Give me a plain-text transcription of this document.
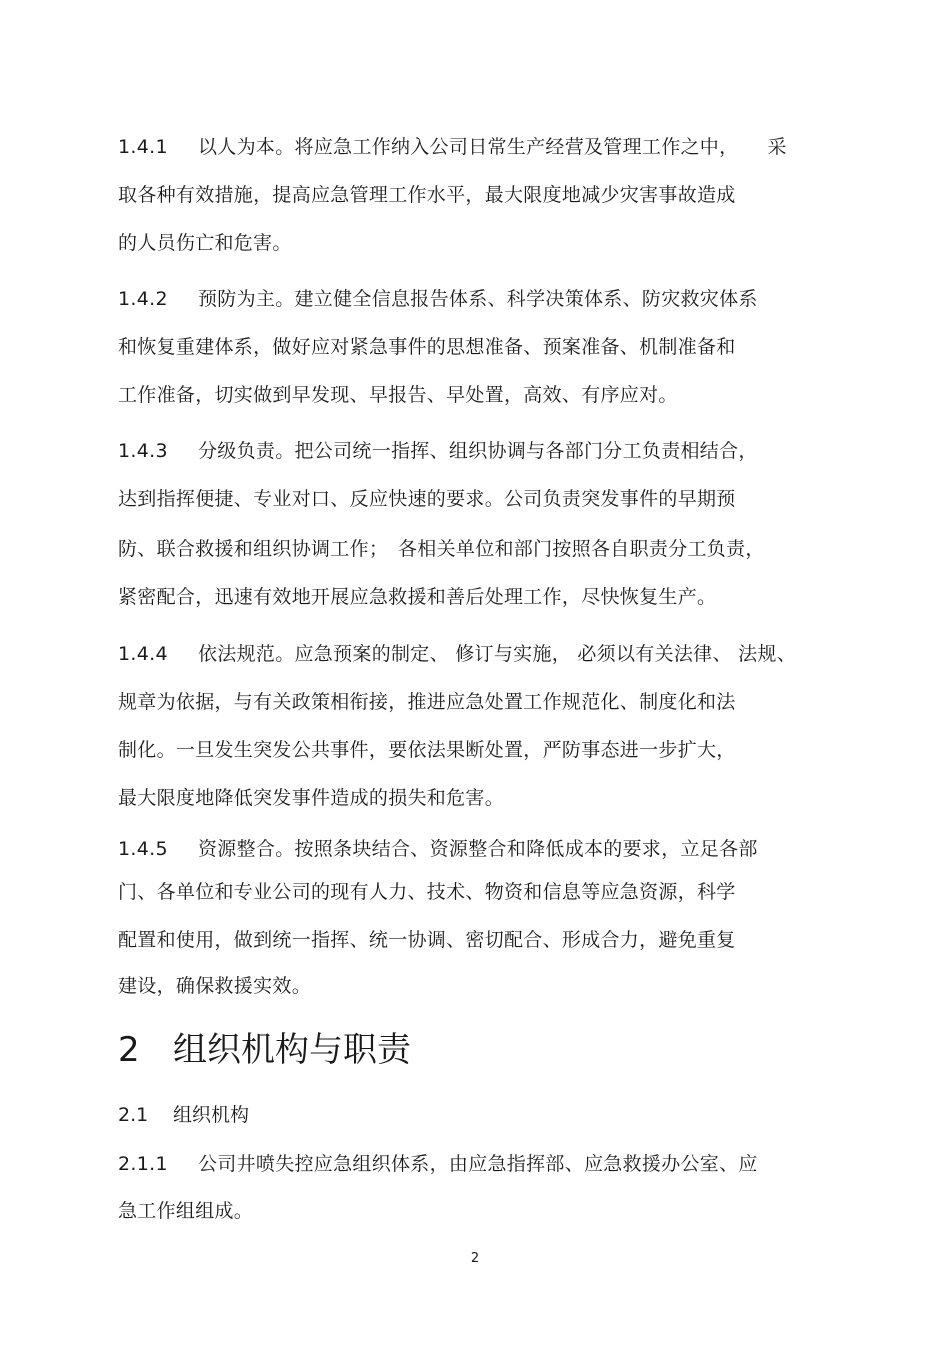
1.4.1 以人为本。将应急工作纳入公司日常生产经营及管理工作之中，　　采
取各种有效措施，提高应急管理工作水平，最大限度地减少灾害事故造成
的人员伤亡和危害。
1.4.2 预防为主。建立健全信息报告体系、科学决策体系、防灾救灾体系
和恢复重建体系，做好应对紧急事件的思想准备、预案准备、机制准备和
工作准备，切实做到早发现、早报告、早处置，高效、有序应对。
1.4.3 分级负责。把公司统一指挥、组织协调与各部门分工负责相结合，
达到指挥便捷、专业对口、反应快速的要求。公司负责突发事件的早期预
防、联合救援和组织协调工作；　各相关单位和部门按照各自职责分工负责，
紧密配合，迅速有效地开展应急救援和善后处理工作，尽快恢复生产。
1.4.4 依法规范。应急预案的制定、 修订与实施， 必须以有关法律、 法规、
规章为依据，与有关政策相衔接，推进应急处置工作规范化、制度化和法
制化。一旦发生突发公共事件，要依法果断处置，严防事态进一步扩大，
最大限度地降低突发事件造成的损失和危害。
1.4.5 资源整合。按照条块结合、资源整合和降低成本的要求，立足各部
门、各单位和专业公司的现有人力、技术、物资和信息等应急资源，科学
配置和使用，做到统一指挥、统一协调、密切配合、形成合力，避免重复
建设，确保救援实效。
2 组织机构与职责
2.1 组织机构
2.1.1 公司井喷失控应急组织体系，由应急指挥部、应急救援办公室、应
急工作组组成。
2
